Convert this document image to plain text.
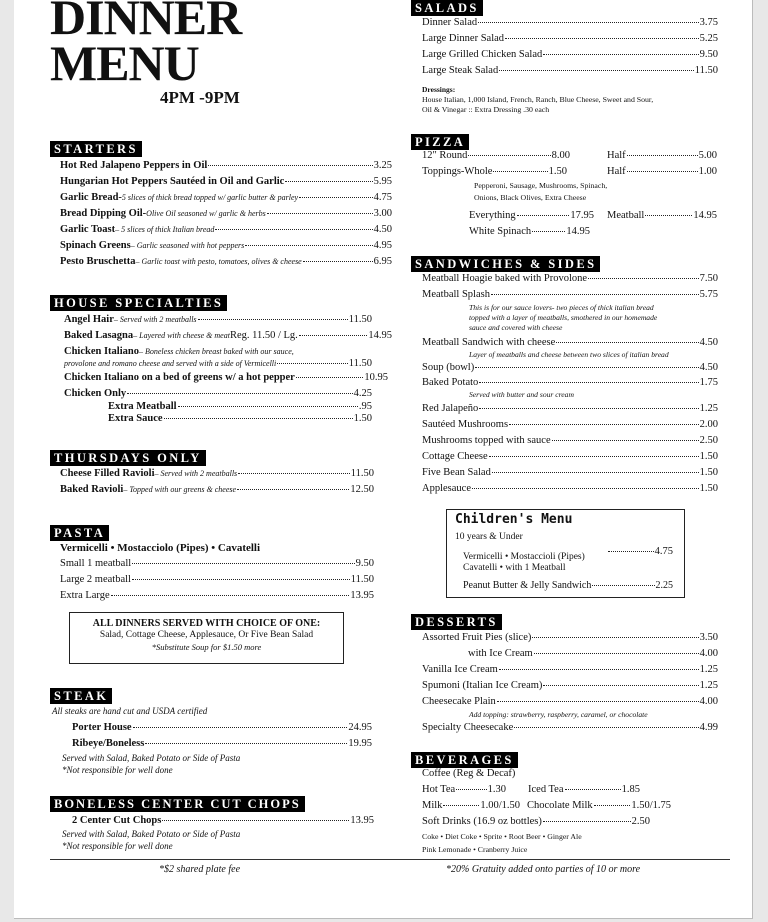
DINNER
MENU
4PM -9PM
STARTERS
Hot Red Jalapeno Peppers in Oil	3.25
Hungarian Hot Peppers Sautéed in Oil and Garlic	5.95
Garlic Bread- 5 slices of thick bread topped w/ garlic butter & parley	4.75
Bread Dipping Oil- Olive Oil seasoned w/ garlic & herbs	3.00
Garlic Toast – 5 slices of thick Italian bread	4.50
Spinach Greens – Garlic seasoned with hot peppers	4.95
Pesto Bruschetta – Garlic toast with pesto, tomatoes, olives & cheese	6.95
HOUSE SPECIALTIES
Angel Hair – Served with 2 meatballs	11.50
Baked Lasagna – Layered with cheese & meat Reg. 11.50 / Lg.	14.95
Chicken Italiano – Boneless chicken breast baked with our sauce,
provolone and romano cheese and served with a side of Vermicelli	11.50
Chicken Italiano on a bed of greens w/ a hot pepper	10.95
Chicken Only	4.25
Extra Meatball	.95
Extra Sauce	1.50
THURSDAYS ONLY
Cheese Filled Ravioli – Served with 2 meatballs	11.50
Baked Ravioli – Topped with our greens & cheese	12.50
PASTA
Vermicelli • Mostacciolo (Pipes) • Cavatelli
Small 1 meatball	9.50
Large 2 meatball	11.50
Extra Large	13.95
ALL DINNERS SERVED WITH CHOICE OF ONE:
Salad, Cottage Cheese, Applesauce, Or Five Bean Salad
*Substitute Soup for $1.50 more
STEAK
All steaks are hand cut and USDA certified
Porter House	24.95
Ribeye/Boneless	19.95
Served with Salad, Baked Potato or Side of Pasta
*Not responsible for well done
BONELESS CENTER CUT CHOPS
2 Center Cut Chops	13.95
Served with Salad, Baked Potato or Side of Pasta
*Not responsible for well done
SALADS
Dinner Salad	3.75
Large Dinner Salad	5.25
Large Grilled Chicken Salad	9.50
Large Steak Salad	11.50
Dressings:
House Italian, 1,000 Island, French, Ranch, Blue Cheese, Sweet and Sour,
Oil & Vinegar :: Extra Dressing .30 each
PIZZA
12" Round	8.00	Half	5.00
Toppings-Whole	1.50	Half	1.00
Pepperoni, Sausage, Mushrooms, Spinach,
Onions, Black Olives, Extra Cheese
Everything	17.95 Meatball	14.95
White Spinach	14.95
SANDWICHES & SIDES
Meatball Hoagie baked with Provolone	7.50
Meatball Splash	5.75
This is for our sauce lovers- two pieces of thick italian bread
topped with a layer of meatballs, smothered in our homemade
sauce and covered with cheese
Meatball Sandwich with cheese	4.50
Layer of meatballs and cheese between two slices of italian bread
Soup (bowl)	4.50
Baked Potato	1.75
Served with butter and sour cream
Red Jalapeño	1.25
Sautéed Mushrooms	2.00
Mushrooms topped with sauce	2.50
Cottage Cheese	1.50
Five Bean Salad	1.50
Applesauce	1.50
Children's Menu
10 years & Under
Vermicelli • Mostaccioli (Pipes)	4.75
Cavatelli • with 1 Meatball
Peanut Butter & Jelly Sandwich	2.25
DESSERTS
Assorted Fruit Pies (slice)	3.50
with Ice Cream	4.00
Vanilla Ice Cream	1.25
Spumoni (Italian Ice Cream)	1.25
Cheesecake Plain	4.00
Add topping: strawberry, raspberry, caramel, or chocolate
Specialty Cheesecake	4.99
BEVERAGES
Coffee (Reg & Decaf)
Hot Tea	1.30 Iced Tea	1.85
Milk	1.00/1.50 Chocolate Milk	1.50/1.75
Soft Drinks (16.9 oz bottles)	2.50
Coke • Diet Coke • Sprite • Root Beer • Ginger Ale
Pink Lemonade • Cranberry Juice
*$2 shared plate fee	*20% Gratuity added onto parties of 10 or more
